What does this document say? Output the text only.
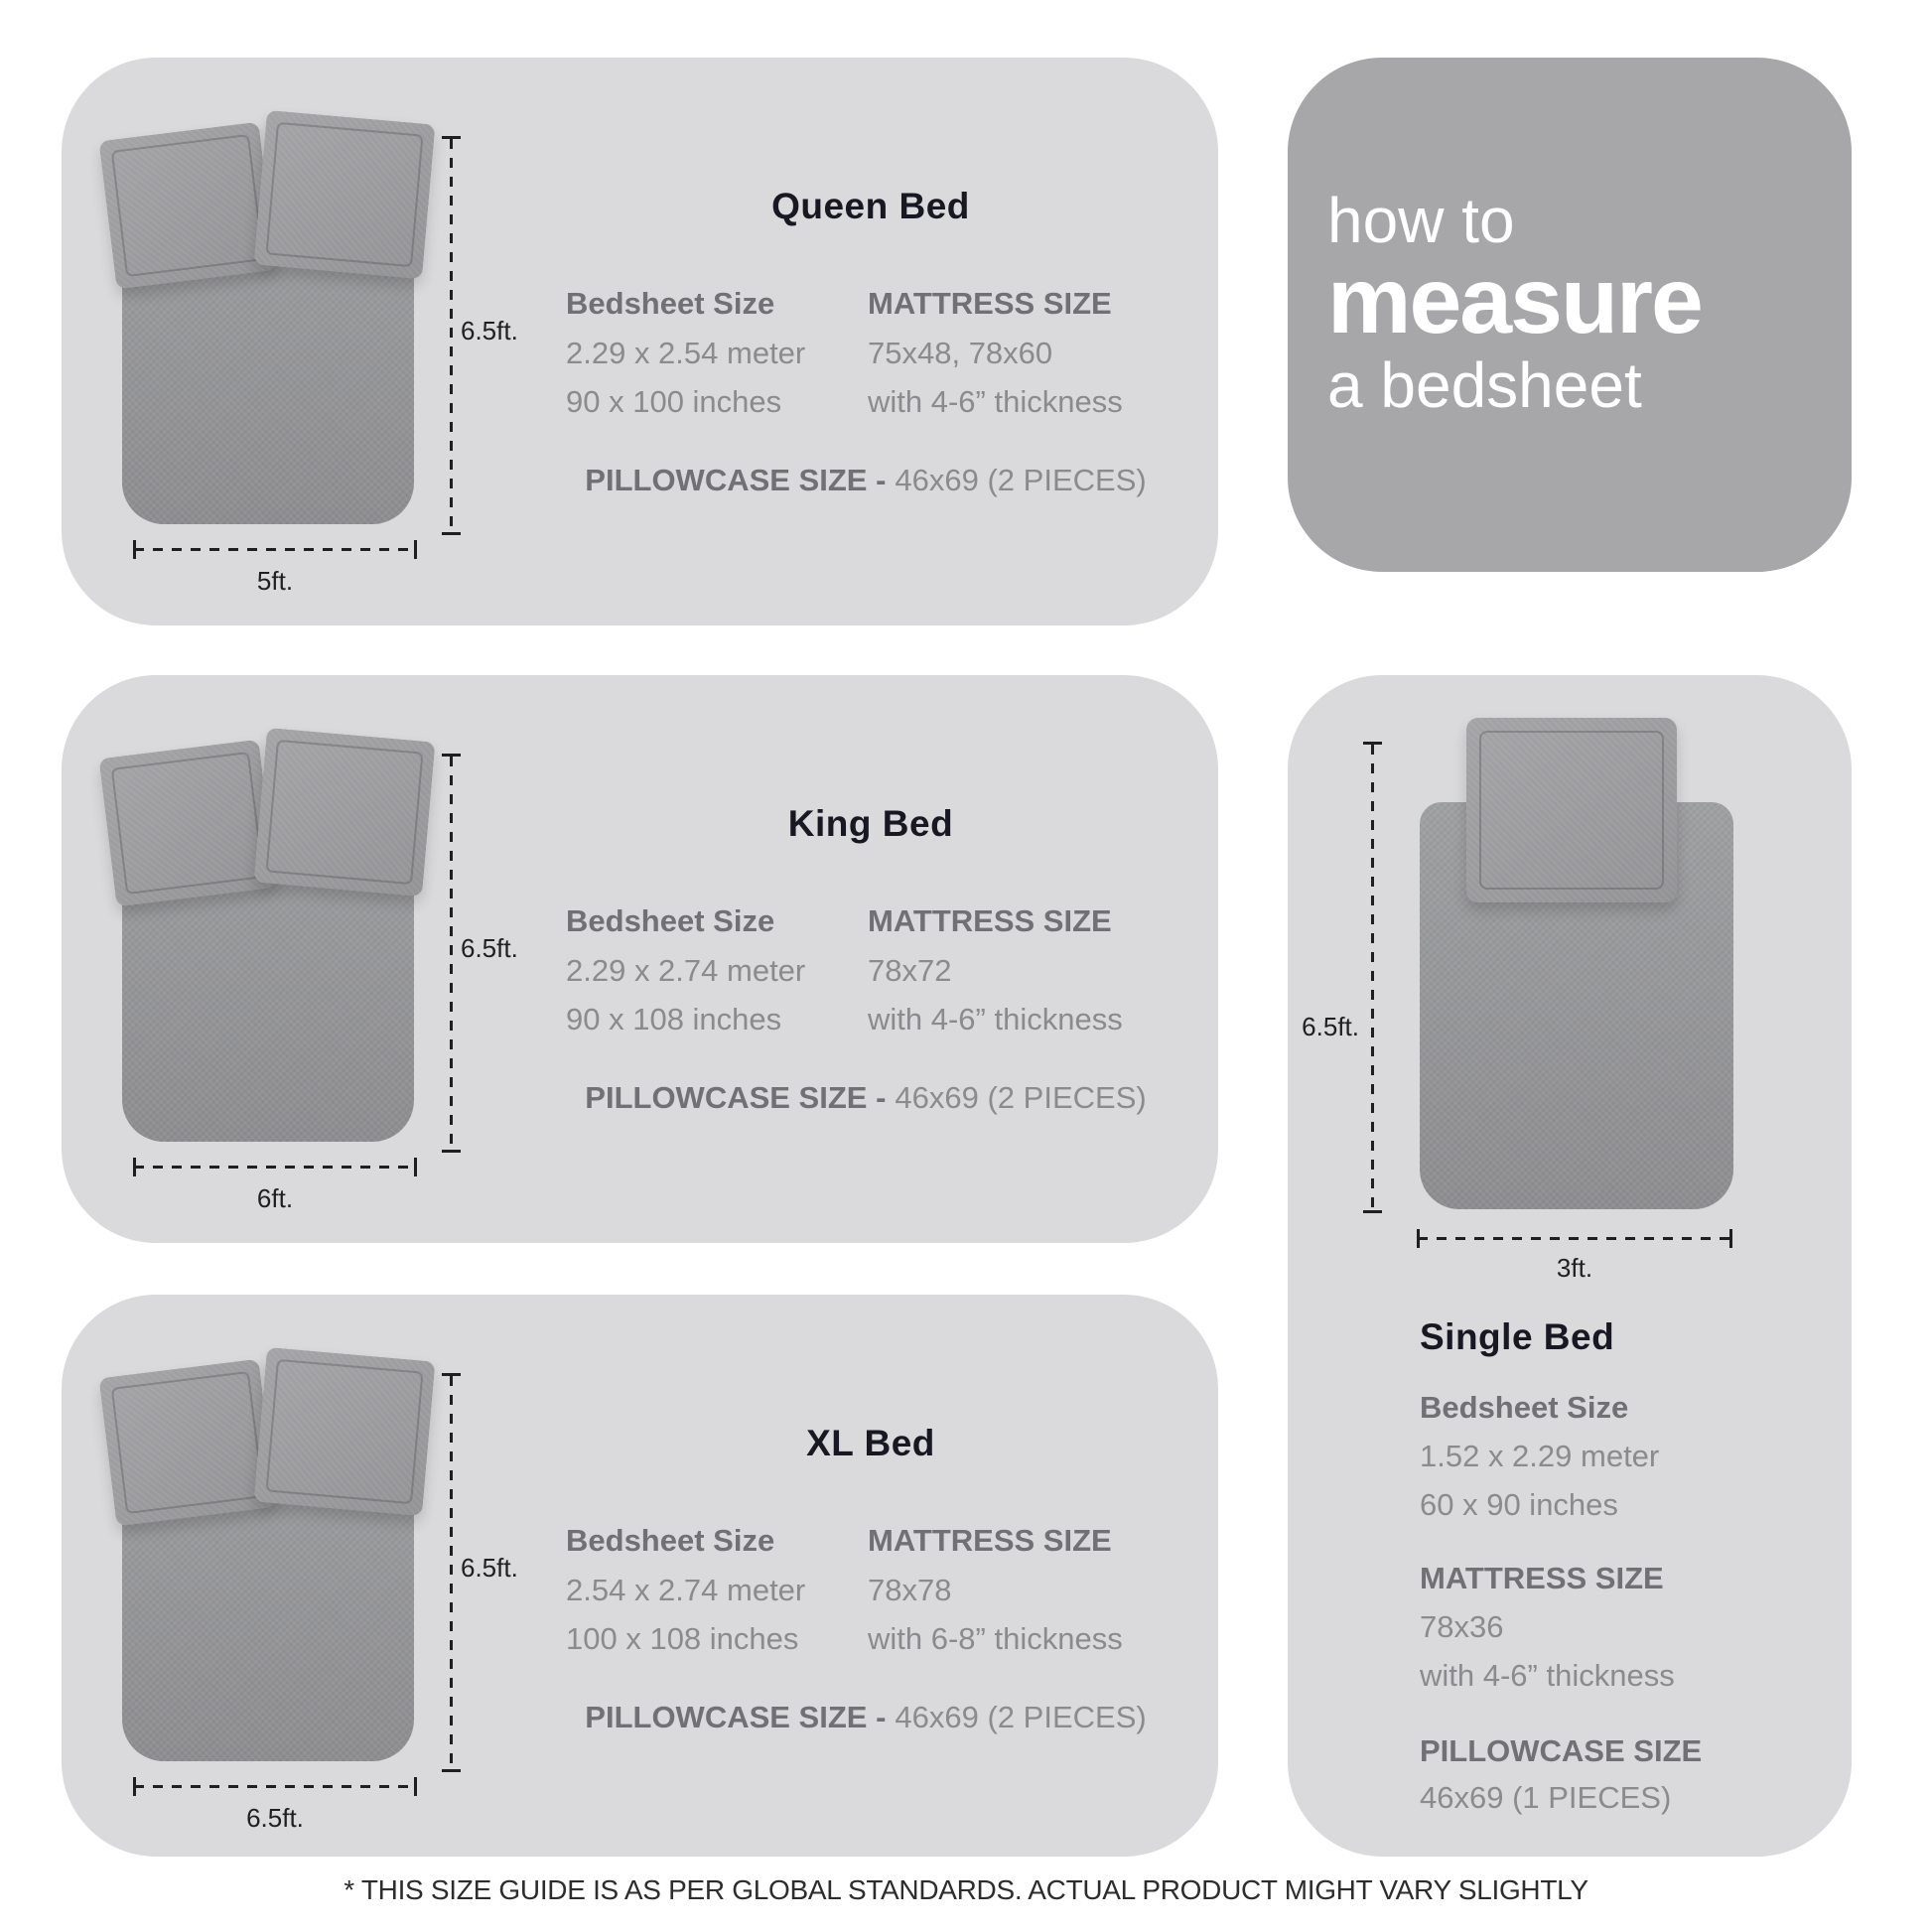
6.5ft.
5ft.
Queen Bed
Bedsheet Size
2.29 x 2.54 meter
90 x 100 inches
MATTRESS SIZE
75x48, 78x60
with 4-6” thickness
PILLOWCASE SIZE - 46x69 (2 PIECES)
how to
measure
a bedsheet
6.5ft.
6ft.
King Bed
Bedsheet Size
2.29 x 2.74 meter
90 x 108 inches
MATTRESS SIZE
78x72
with 4-6” thickness
PILLOWCASE SIZE - 46x69 (2 PIECES)
6.5ft.
3ft.
Single Bed
Bedsheet Size
1.52 x 2.29 meter
60 x 90 inches
MATTRESS SIZE
78x36
with 4-6” thickness
PILLOWCASE SIZE
46x69 (1 PIECES)
6.5ft.
6.5ft.
XL Bed
Bedsheet Size
2.54 x 2.74 meter
100 x 108 inches
MATTRESS SIZE
78x78
with 6-8” thickness
PILLOWCASE SIZE - 46x69 (2 PIECES)
* THIS SIZE GUIDE IS AS PER GLOBAL STANDARDS. ACTUAL PRODUCT MIGHT VARY SLIGHTLY
